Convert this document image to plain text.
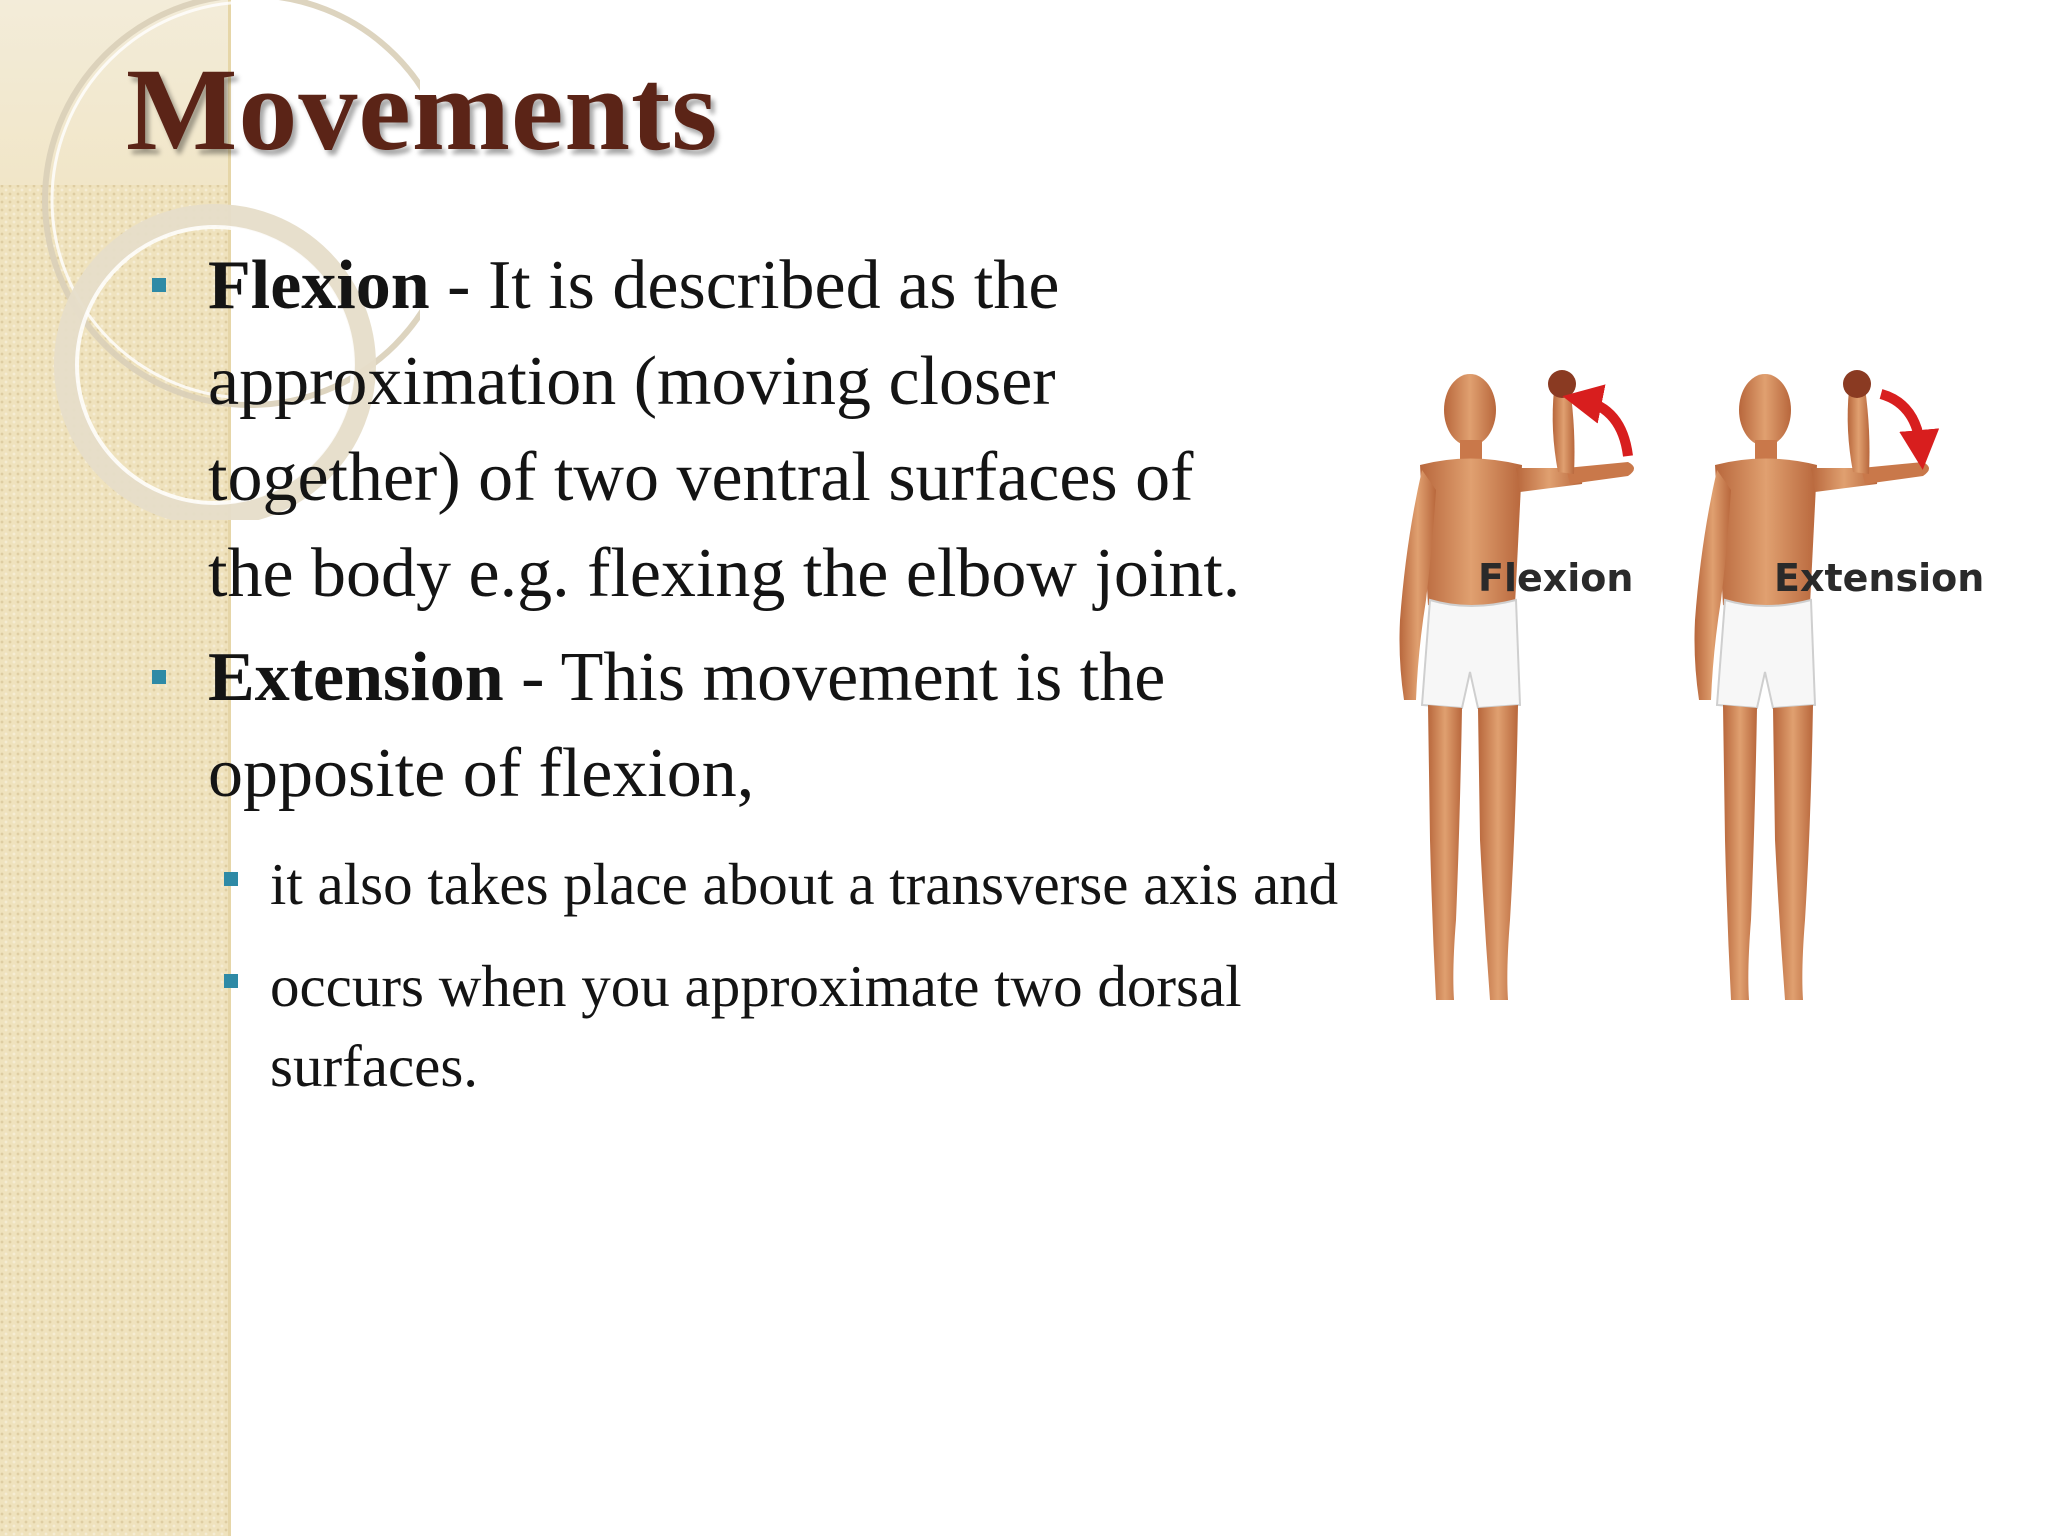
Movements
Flexion - It is described as the approximation (moving closer together) of two ventral surfaces of the body e.g. flexing the elbow joint.
Extension - This movement is the opposite of flexion,
it also takes place about a transverse axis and
occurs when you approximate two dorsal surfaces.
Flexion	Extension
